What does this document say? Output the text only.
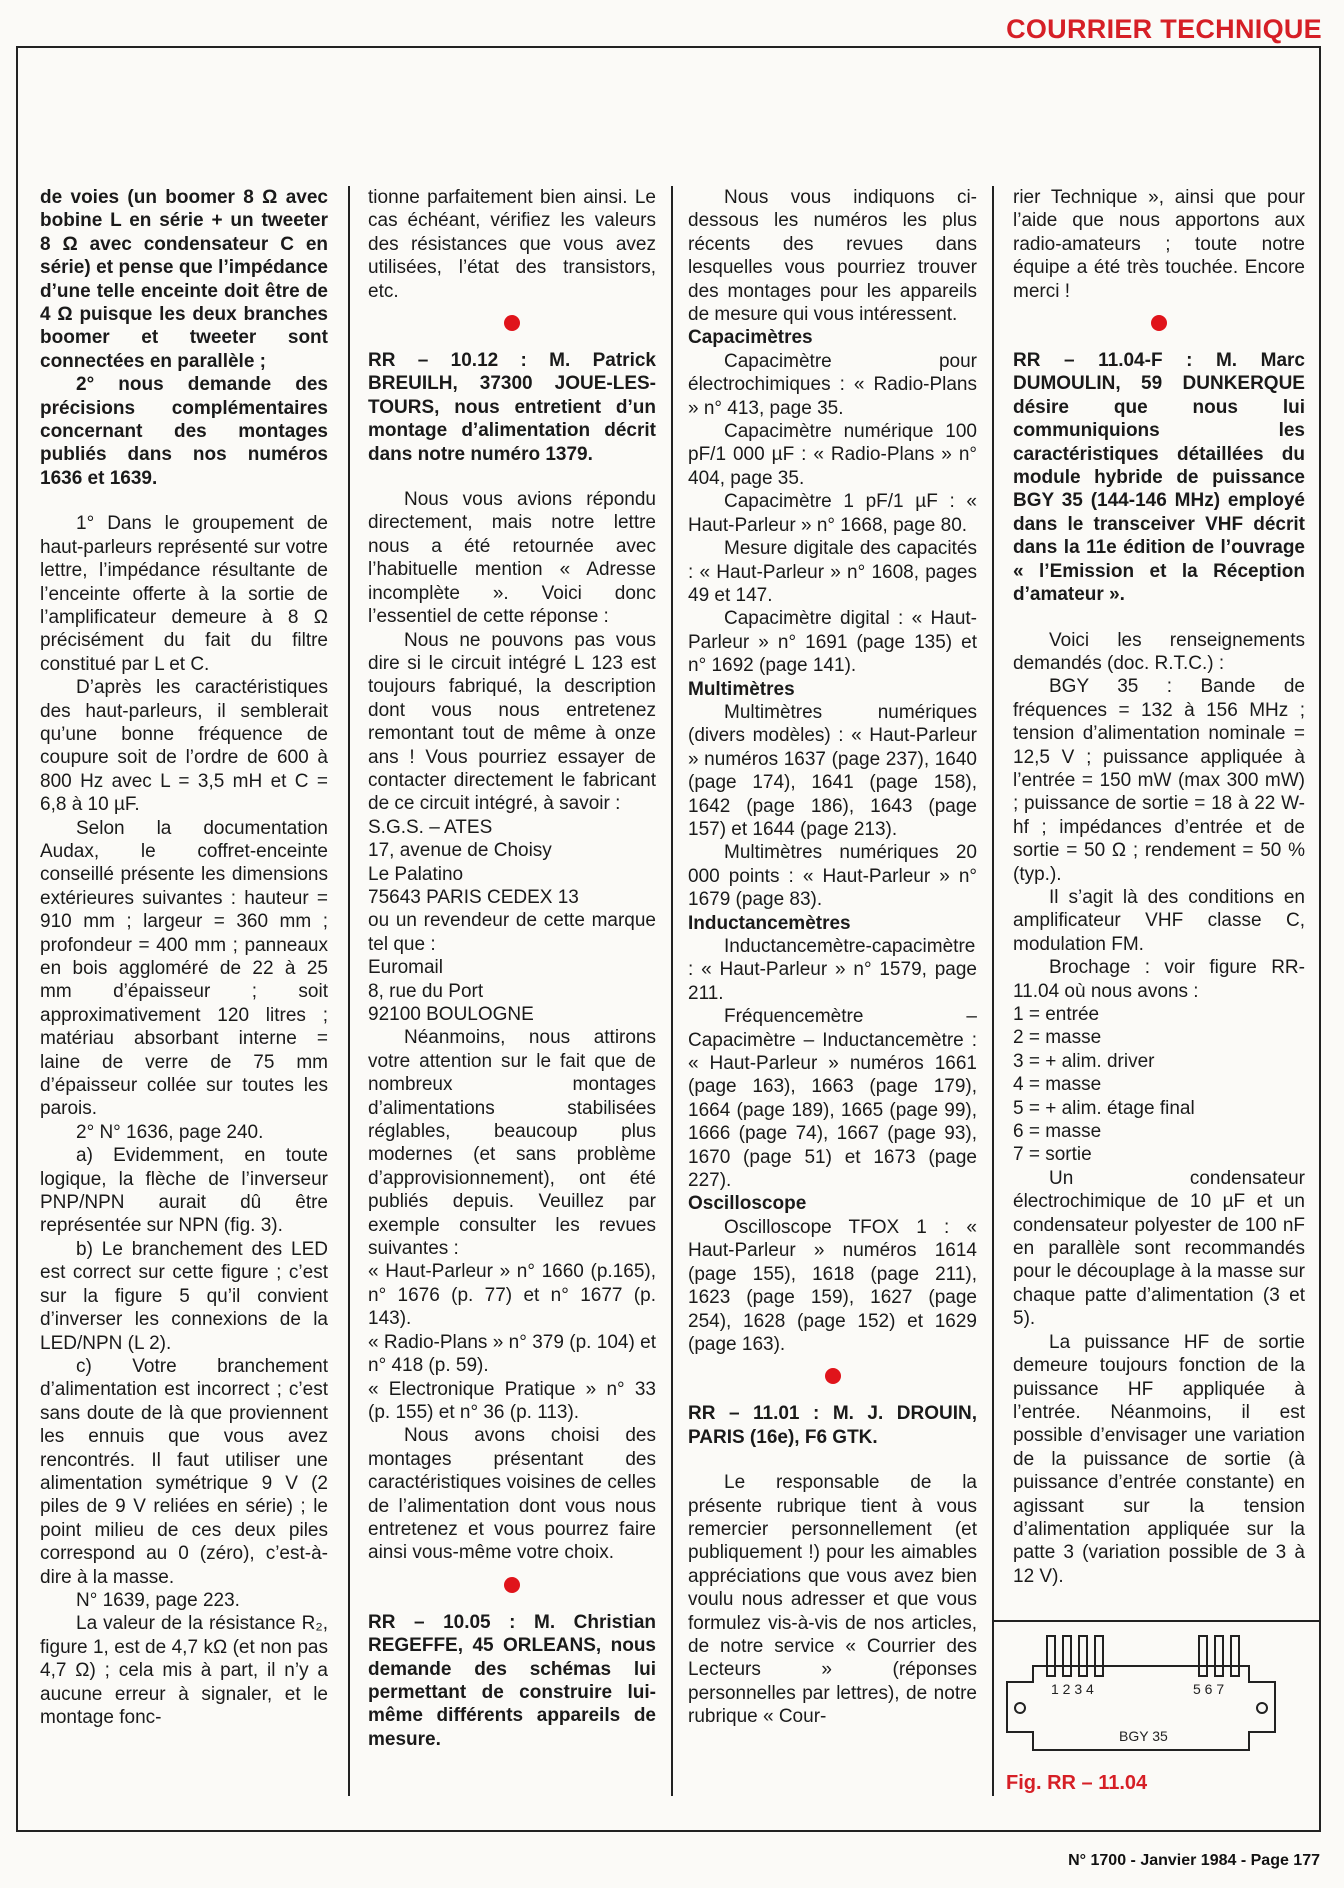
COURRIER TECHNIQUE

de voies (un boomer 8 Ω avec bobine L en série + un tweeter 8 Ω avec condensateur C en série) et pense que l’impédance d’une telle enceinte doit être de 4 Ω puisque les deux branches boomer et tweeter sont connectées en parallèle ;

2° nous demande des précisions complémentaires concernant des montages publiés dans nos numéros 1636 et 1639.

1° Dans le groupement de haut-parleurs représenté sur votre lettre, l’impédance résultante de l’enceinte offerte à la sortie de l’amplificateur demeure à 8 Ω précisément du fait du filtre constitué par L et C.

D’après les caractéristiques des haut-parleurs, il semblerait qu’une bonne fréquence de coupure soit de l’ordre de 600 à 800 Hz avec L = 3,5 mH et C = 6,8 à 10 µF.

Selon la documentation Audax, le coffret-enceinte conseillé présente les dimensions extérieures suivantes : hauteur = 910 mm ; largeur = 360 mm ; profondeur = 400 mm ; panneaux en bois aggloméré de 22 à 25 mm d’épaisseur ; soit approximativement 120 litres ; matériau absorbant interne = laine de verre de 75 mm d’épaisseur collée sur toutes les parois.

2° N° 1636, page 240.

a) Evidemment, en toute logique, la flèche de l’inverseur PNP/NPN aurait dû être représentée sur NPN (fig. 3).

b) Le branchement des LED est correct sur cette figure ; c’est sur la figure 5 qu’il convient d’inverser les connexions de la LED/NPN (L 2).

c) Votre branchement d’alimentation est incorrect ; c’est sans doute de là que proviennent les ennuis que vous avez rencontrés. Il faut utiliser une alimentation symétrique 9 V (2 piles de 9 V reliées en série) ; le point milieu de ces deux piles correspond au 0 (zéro), c’est-à-dire à la masse.

N° 1639, page 223.

La valeur de la résistance R₂, figure 1, est de 4,7 kΩ (et non pas 4,7 Ω) ; cela mis à part, il n’y a aucune erreur à signaler, et le montage fonc-

tionne parfaitement bien ainsi. Le cas échéant, vérifiez les valeurs des résistances que vous avez utilisées, l’état des transistors, etc.

RR – 10.12 : M. Patrick BREUILH, 37300 JOUE-LES-TOURS, nous entretient d’un montage d’alimentation décrit dans notre numéro 1379.

Nous vous avions répondu directement, mais notre lettre nous a été retournée avec l’habituelle mention « Adresse incomplète ». Voici donc l’essentiel de cette réponse :

Nous ne pouvons pas vous dire si le circuit intégré L 123 est toujours fabriqué, la description dont vous nous entretenez remontant tout de même à onze ans ! Vous pourriez essayer de contacter directement le fabricant de ce circuit intégré, à savoir :

S.G.S. – ATES

17, avenue de Choisy

Le Palatino

75643 PARIS CEDEX 13

ou un revendeur de cette marque tel que :

Euromail

8, rue du Port

92100 BOULOGNE

Néanmoins, nous attirons votre attention sur le fait que de nombreux montages d’alimentations stabilisées réglables, beaucoup plus modernes (et sans problème d’approvisionnement), ont été publiés depuis. Veuillez par exemple consulter les revues suivantes :

« Haut-Parleur » n° 1660 (p.165), n° 1676 (p. 77) et n° 1677 (p. 143).

« Radio-Plans » n° 379 (p. 104) et n° 418 (p. 59).

« Electronique Pratique » n° 33 (p. 155) et n° 36 (p. 113).

Nous avons choisi des montages présentant des caractéristiques voisines de celles de l’alimentation dont vous nous entretenez et vous pourrez faire ainsi vous-même votre choix.

RR – 10.05 : M. Christian REGEFFE, 45 ORLEANS, nous demande des schémas lui permettant de construire lui-même différents appareils de mesure.

Nous vous indiquons ci-dessous les numéros les plus récents des revues dans lesquelles vous pourriez trouver des montages pour les appareils de mesure qui vous intéressent.

Capacimètres

Capacimètre pour électrochimiques : « Radio-Plans » n° 413, page 35.

Capacimètre numérique 100 pF/1 000 µF : « Radio-Plans » n° 404, page 35.

Capacimètre 1 pF/1 µF : « Haut-Parleur » n° 1668, page 80.

Mesure digitale des capacités : « Haut-Parleur » n° 1608, pages 49 et 147.

Capacimètre digital : « Haut-Parleur » n° 1691 (page 135) et n° 1692 (page 141).

Multimètres

Multimètres numériques (divers modèles) : « Haut-Parleur » numéros 1637 (page 237), 1640 (page 174), 1641 (page 158), 1642 (page 186), 1643 (page 157) et 1644 (page 213).

Multimètres numériques 20 000 points : « Haut-Parleur » n° 1679 (page 83).

Inductancemètres

Inductancemètre-capacimètre : « Haut-Parleur » n° 1579, page 211.

Fréquencemètre – Capacimètre – Inductancemètre : « Haut-Parleur » numéros 1661 (page 163), 1663 (page 179), 1664 (page 189), 1665 (page 99), 1666 (page 74), 1667 (page 93), 1670 (page 51) et 1673 (page 227).

Oscilloscope

Oscilloscope TFOX 1 : « Haut-Parleur » numéros 1614 (page 155), 1618 (page 211), 1623 (page 159), 1627 (page 254), 1628 (page 152) et 1629 (page 163).

RR – 11.01 : M. J. DROUIN, PARIS (16e), F6 GTK.

Le responsable de la présente rubrique tient à vous remercier personnellement (et publiquement !) pour les aimables appréciations que vous avez bien voulu nous adresser et que vous formulez vis-à-vis de nos articles, de notre service « Courrier des Lecteurs » (réponses personnelles par lettres), de notre rubrique « Cour-

rier Technique », ainsi que pour l’aide que nous apportons aux radio-amateurs ; toute notre équipe a été très touchée. Encore merci !

RR – 11.04-F : M. Marc DUMOULIN, 59 DUNKERQUE désire que nous lui communiquions les caractéristiques détaillées du module hybride de puissance BGY 35 (144-146 MHz) employé dans le transceiver VHF décrit dans la 11e édition de l’ouvrage « l’Emission et la Réception d’amateur ».

Voici les renseignements demandés (doc. R.T.C.) :

BGY 35 : Bande de fréquences = 132 à 156 MHz ; tension d’alimentation nominale = 12,5 V ; puissance appliquée à l’entrée = 150 mW (max 300 mW) ; puissance de sortie = 18 à 22 W-hf ; impédances d’entrée et de sortie = 50 Ω ; rendement = 50 % (typ.).

Il s’agit là des conditions en amplificateur VHF classe C, modulation FM.

Brochage : voir figure RR-11.04 où nous avons :

1 = entrée

2 = masse

3 = + alim. driver

4 = masse

5 = + alim. étage final

6 = masse

7 = sortie

Un condensateur électrochimique de 10 µF et un condensateur polyester de 100 nF en parallèle sont recommandés pour le découplage à la masse sur chaque patte d’alimentation (3 et 5).

La puissance HF de sortie demeure toujours fonction de la puissance HF appliquée à l’entrée. Néanmoins, il est possible d’envisager une variation de la puissance de sortie (à puissance d’entrée constante) en agissant sur la tension d’alimentation appliquée sur la patte 3 (variation possible de 3 à 12 V).

1 2 3 4	5 6 7
BGY 35
Fig. RR – 11.04
N° 1700 - Janvier 1984 - Page 177
